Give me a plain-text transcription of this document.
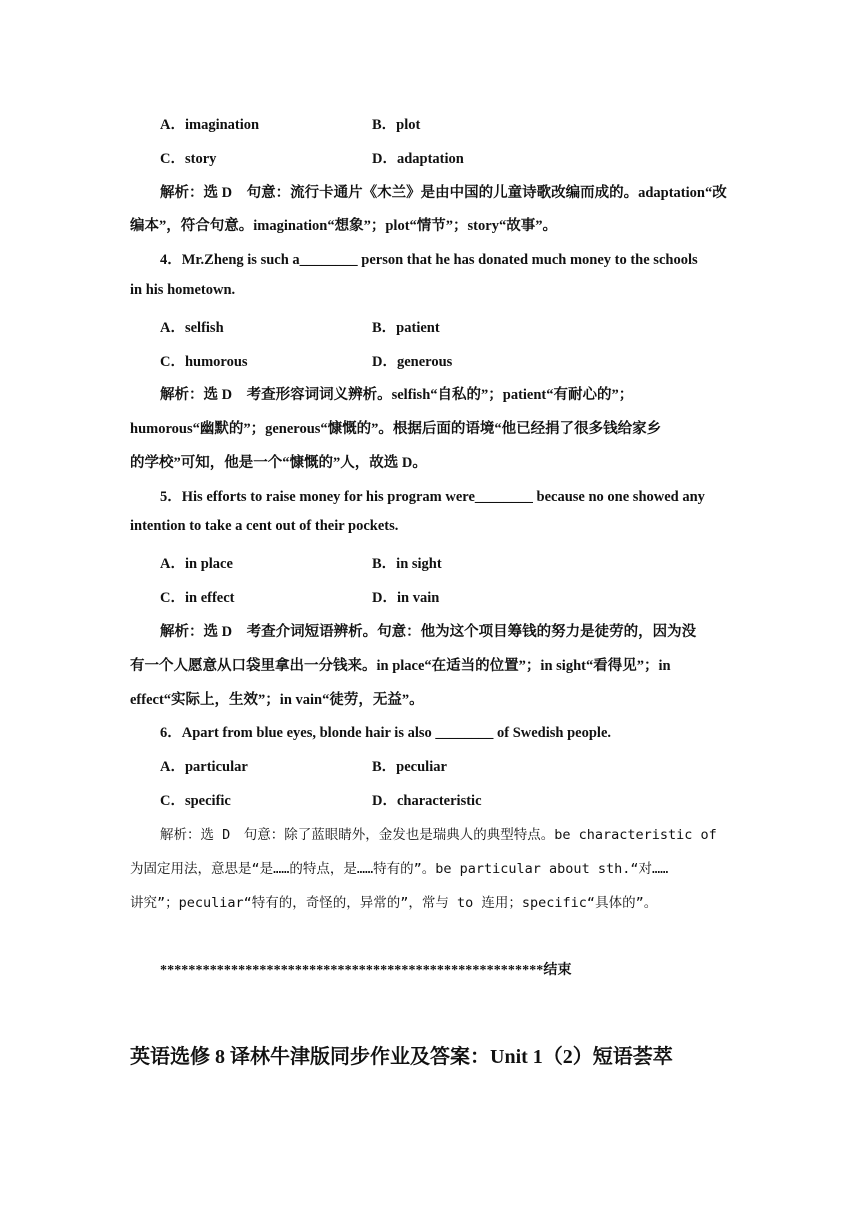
A．imagination	B．plot
C．story	D．adaptation
解析：选 D　句意：流行卡通片《木兰》是由中国的儿童诗歌改编而成的。adaptation“改
编本”，符合句意。imagination“想象”；plot“情节”；story“故事”。
4．Mr.Zheng is such a________ person that he has donated much money to the schools
in his hometown.
A．selfish	B．patient
C．humorous	D．generous
解析：选 D　考查形容词词义辨析。selfish“自私的”；patient“有耐心的”；
humorous“幽默的”；generous“慷慨的”。根据后面的语境“他已经捐了很多钱给家乡
的学校”可知，他是一个“慷慨的”人，故选 D。
5．His efforts to raise money for his program were________ because no one showed any
intention to take a cent out of their pockets.
A．in place	B．in sight
C．in effect	D．in vain
解析：选 D　考查介词短语辨析。句意：他为这个项目筹钱的努力是徒劳的，因为没
有一个人愿意从口袋里拿出一分钱来。in place“在适当的位置”；in sight“看得见”；in
effect“实际上，生效”；in vain“徒劳，无益”。
6．Apart from blue eyes, blonde hair is also ________ of Swedish people.
A．particular	B．peculiar
C．specific	D．characteristic
解析：选 D　句意：除了蓝眼睛外，金发也是瑞典人的典型特点。be characteristic of
为固定用法，意思是“是……的特点，是……特有的”。be particular about sth.“对……
讲究”；peculiar“特有的，奇怪的，异常的”，常与 to 连用；specific“具体的”。
******************************************************结束
英语选修 8 译林牛津版同步作业及答案：Unit 1（2）短语荟萃
